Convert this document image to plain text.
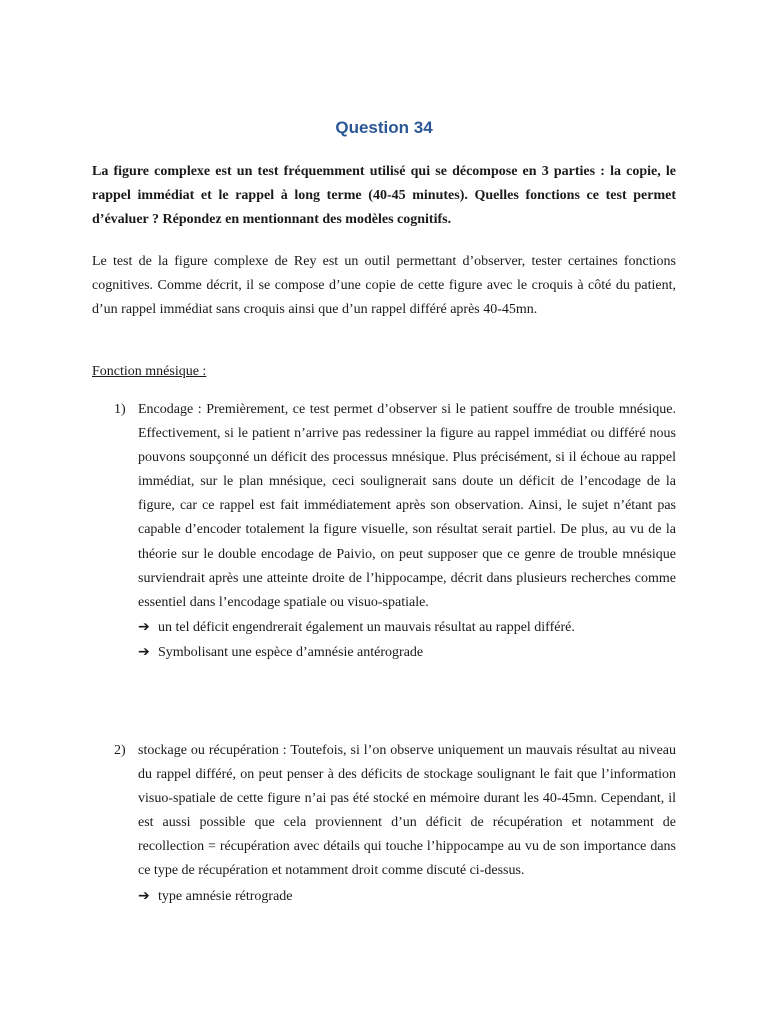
Question 34

La figure complexe est un test fréquemment utilisé qui se décompose en 3 parties : la copie, le rappel immédiat et le rappel à long terme (40-45 minutes). Quelles fonctions ce test permet d’évaluer ? Répondez en mentionnant des modèles cognitifs.

Le test de la figure complexe de Rey est un outil permettant d’observer, tester certaines fonctions cognitives. Comme décrit, il se compose d’une copie de cette figure avec le croquis à côté du patient, d’un rappel immédiat sans croquis ainsi que d’un rappel différé après 40-45mn.

Fonction mnésique :

1) Encodage : Premièrement, ce test permet d’observer si le patient souffre de trouble mnésique. Effectivement, si le patient n’arrive pas redessiner la figure au rappel immédiat ou différé nous pouvons soupçonné un déficit des processus mnésique. Plus précisément, si il échoue au rappel immédiat, sur le plan mnésique, ceci soulignerait sans doute un déficit de l’encodage de la figure, car ce rappel est fait immédiatement après son observation. Ainsi, le sujet n’étant pas capable d’encoder totalement la figure visuelle, son résultat serait partiel. De plus, au vu de la théorie sur le double encodage de Paivio, on peut supposer que ce genre de trouble mnésique surviendrait après une atteinte droite de l’hippocampe, décrit dans plusieurs recherches comme essentiel dans l’encodage spatiale ou visuo-spatiale.
➔ un tel déficit engendrerait également un mauvais résultat au rappel différé.
➔ Symbolisant une espèce d’amnésie antérograde
2) stockage ou récupération : Toutefois, si l’on observe uniquement un mauvais résultat au niveau du rappel différé, on peut penser à des déficits de stockage soulignant le fait que l’information visuo-spatiale de cette figure n’ai pas été stocké en mémoire durant les 40-45mn. Cependant, il est aussi possible que cela proviennent d’un déficit de récupération et notamment de recollection = récupération avec détails qui touche l’hippocampe au vu de son importance dans ce type de récupération et notamment droit comme discuté ci-dessus.
➔ type amnésie rétrograde
